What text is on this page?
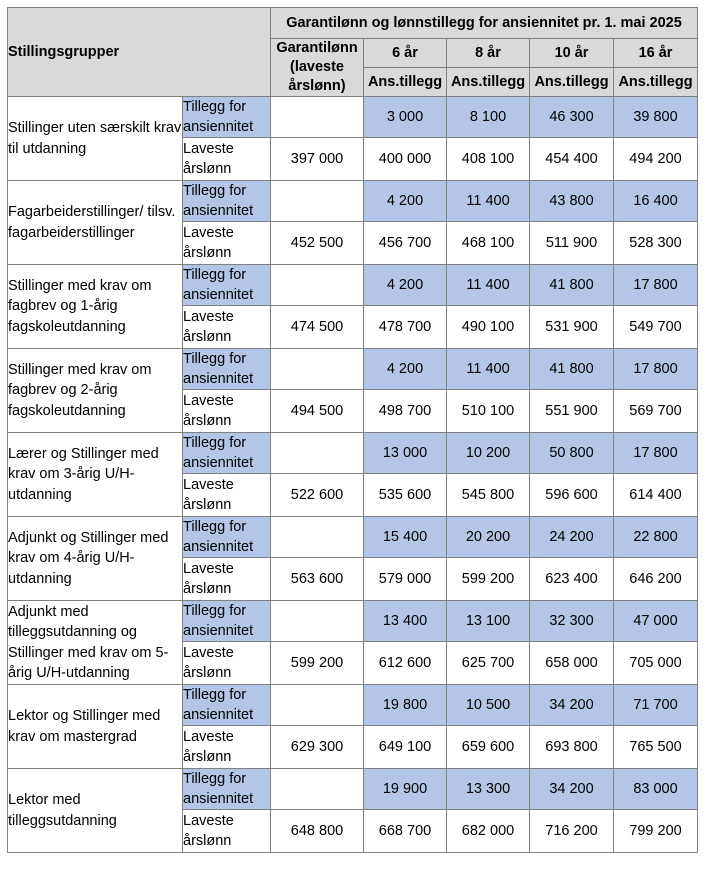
Stillingsgrupper		Garantilønn og lønnstillegg for ansiennitet pr. 1. mai 2025				
		Garantilønn (laveste årslønn)	6 år	8 år	10 år	16 år
			Ans.tillegg	Ans.tillegg	Ans.tillegg	Ans.tillegg
Stillinger uten særskilt krav til utdanning	Tillegg for ansiennitet		3 000	8 100	46 300	39 800
	Laveste årslønn	397 000	400 000	408 100	454 400	494 200
Fagarbeiderstillinger/ tilsv. fagarbeiderstillinger	Tillegg for ansiennitet		4 200	11 400	43 800	16 400
	Laveste årslønn	452 500	456 700	468 100	511 900	528 300
Stillinger med krav om fagbrev og 1-årig fagskoleutdanning	Tillegg for ansiennitet		4 200	11 400	41 800	17 800
	Laveste årslønn	474 500	478 700	490 100	531 900	549 700
Stillinger med krav om fagbrev og 2-årig fagskoleutdanning	Tillegg for ansiennitet		4 200	11 400	41 800	17 800
	Laveste årslønn	494 500	498 700	510 100	551 900	569 700
Lærer og Stillinger med krav om 3-årig U/H-utdanning	Tillegg for ansiennitet		13 000	10 200	50 800	17 800
	Laveste årslønn	522 600	535 600	545 800	596 600	614 400
Adjunkt og Stillinger med krav om 4-årig U/H-utdanning	Tillegg for ansiennitet		15 400	20 200	24 200	22 800
	Laveste årslønn	563 600	579 000	599 200	623 400	646 200
Adjunkt med tilleggsutdanning og Stillinger med krav om 5-årig U/H-utdanning	Tillegg for ansiennitet		13 400	13 100	32 300	47 000
	Laveste årslønn	599 200	612 600	625 700	658 000	705 000
Lektor og Stillinger med krav om mastergrad	Tillegg for ansiennitet		19 800	10 500	34 200	71 700
	Laveste årslønn	629 300	649 100	659 600	693 800	765 500
Lektor med tilleggsutdanning	Tillegg for ansiennitet		19 900	13 300	34 200	83 000
	Laveste årslønn	648 800	668 700	682 000	716 200	799 200
